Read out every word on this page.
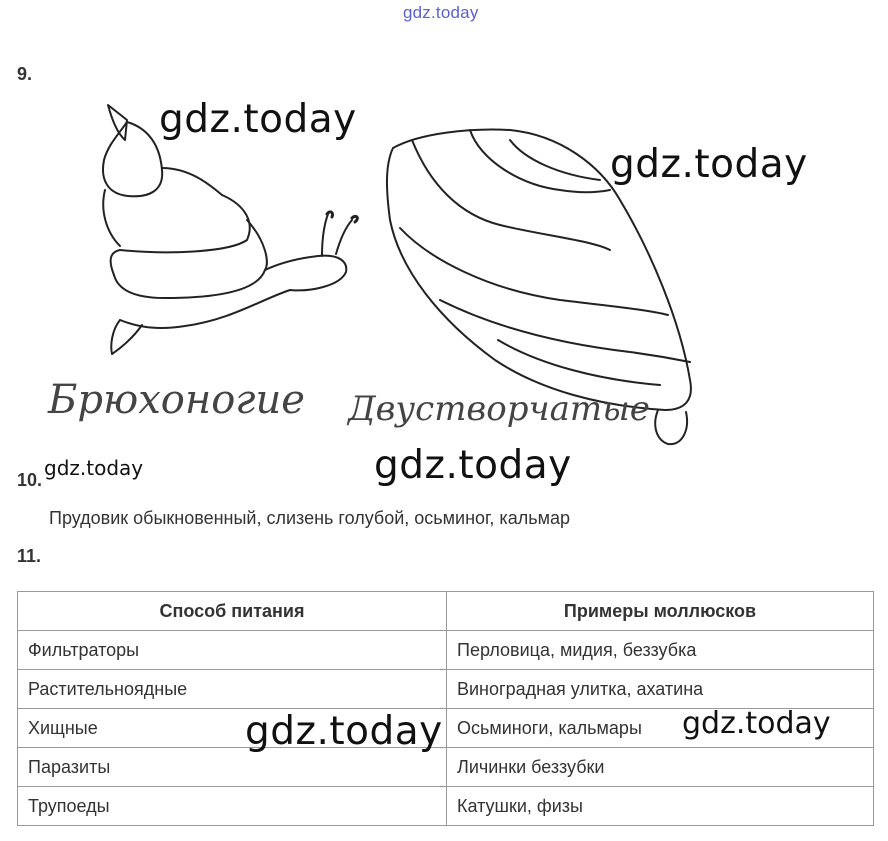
gdz.today
9.
Брюхоногие Двустворчатые
gdz.today
gdz.today
gdz.today
gdz.today
10.
Прудовик обыкновенный, слизень голубой, осьминог, кальмар
11.
Способ питания	Примеры моллюсков
Фильтраторы	Перловица, мидия, беззубка
Растительноядные	Виноградная улитка, ахатина
Хищные	Осьминоги, кальмары
Паразиты	Личинки беззубки
Трупоеды	Катушки, физы
gdz.today	gdz.today
